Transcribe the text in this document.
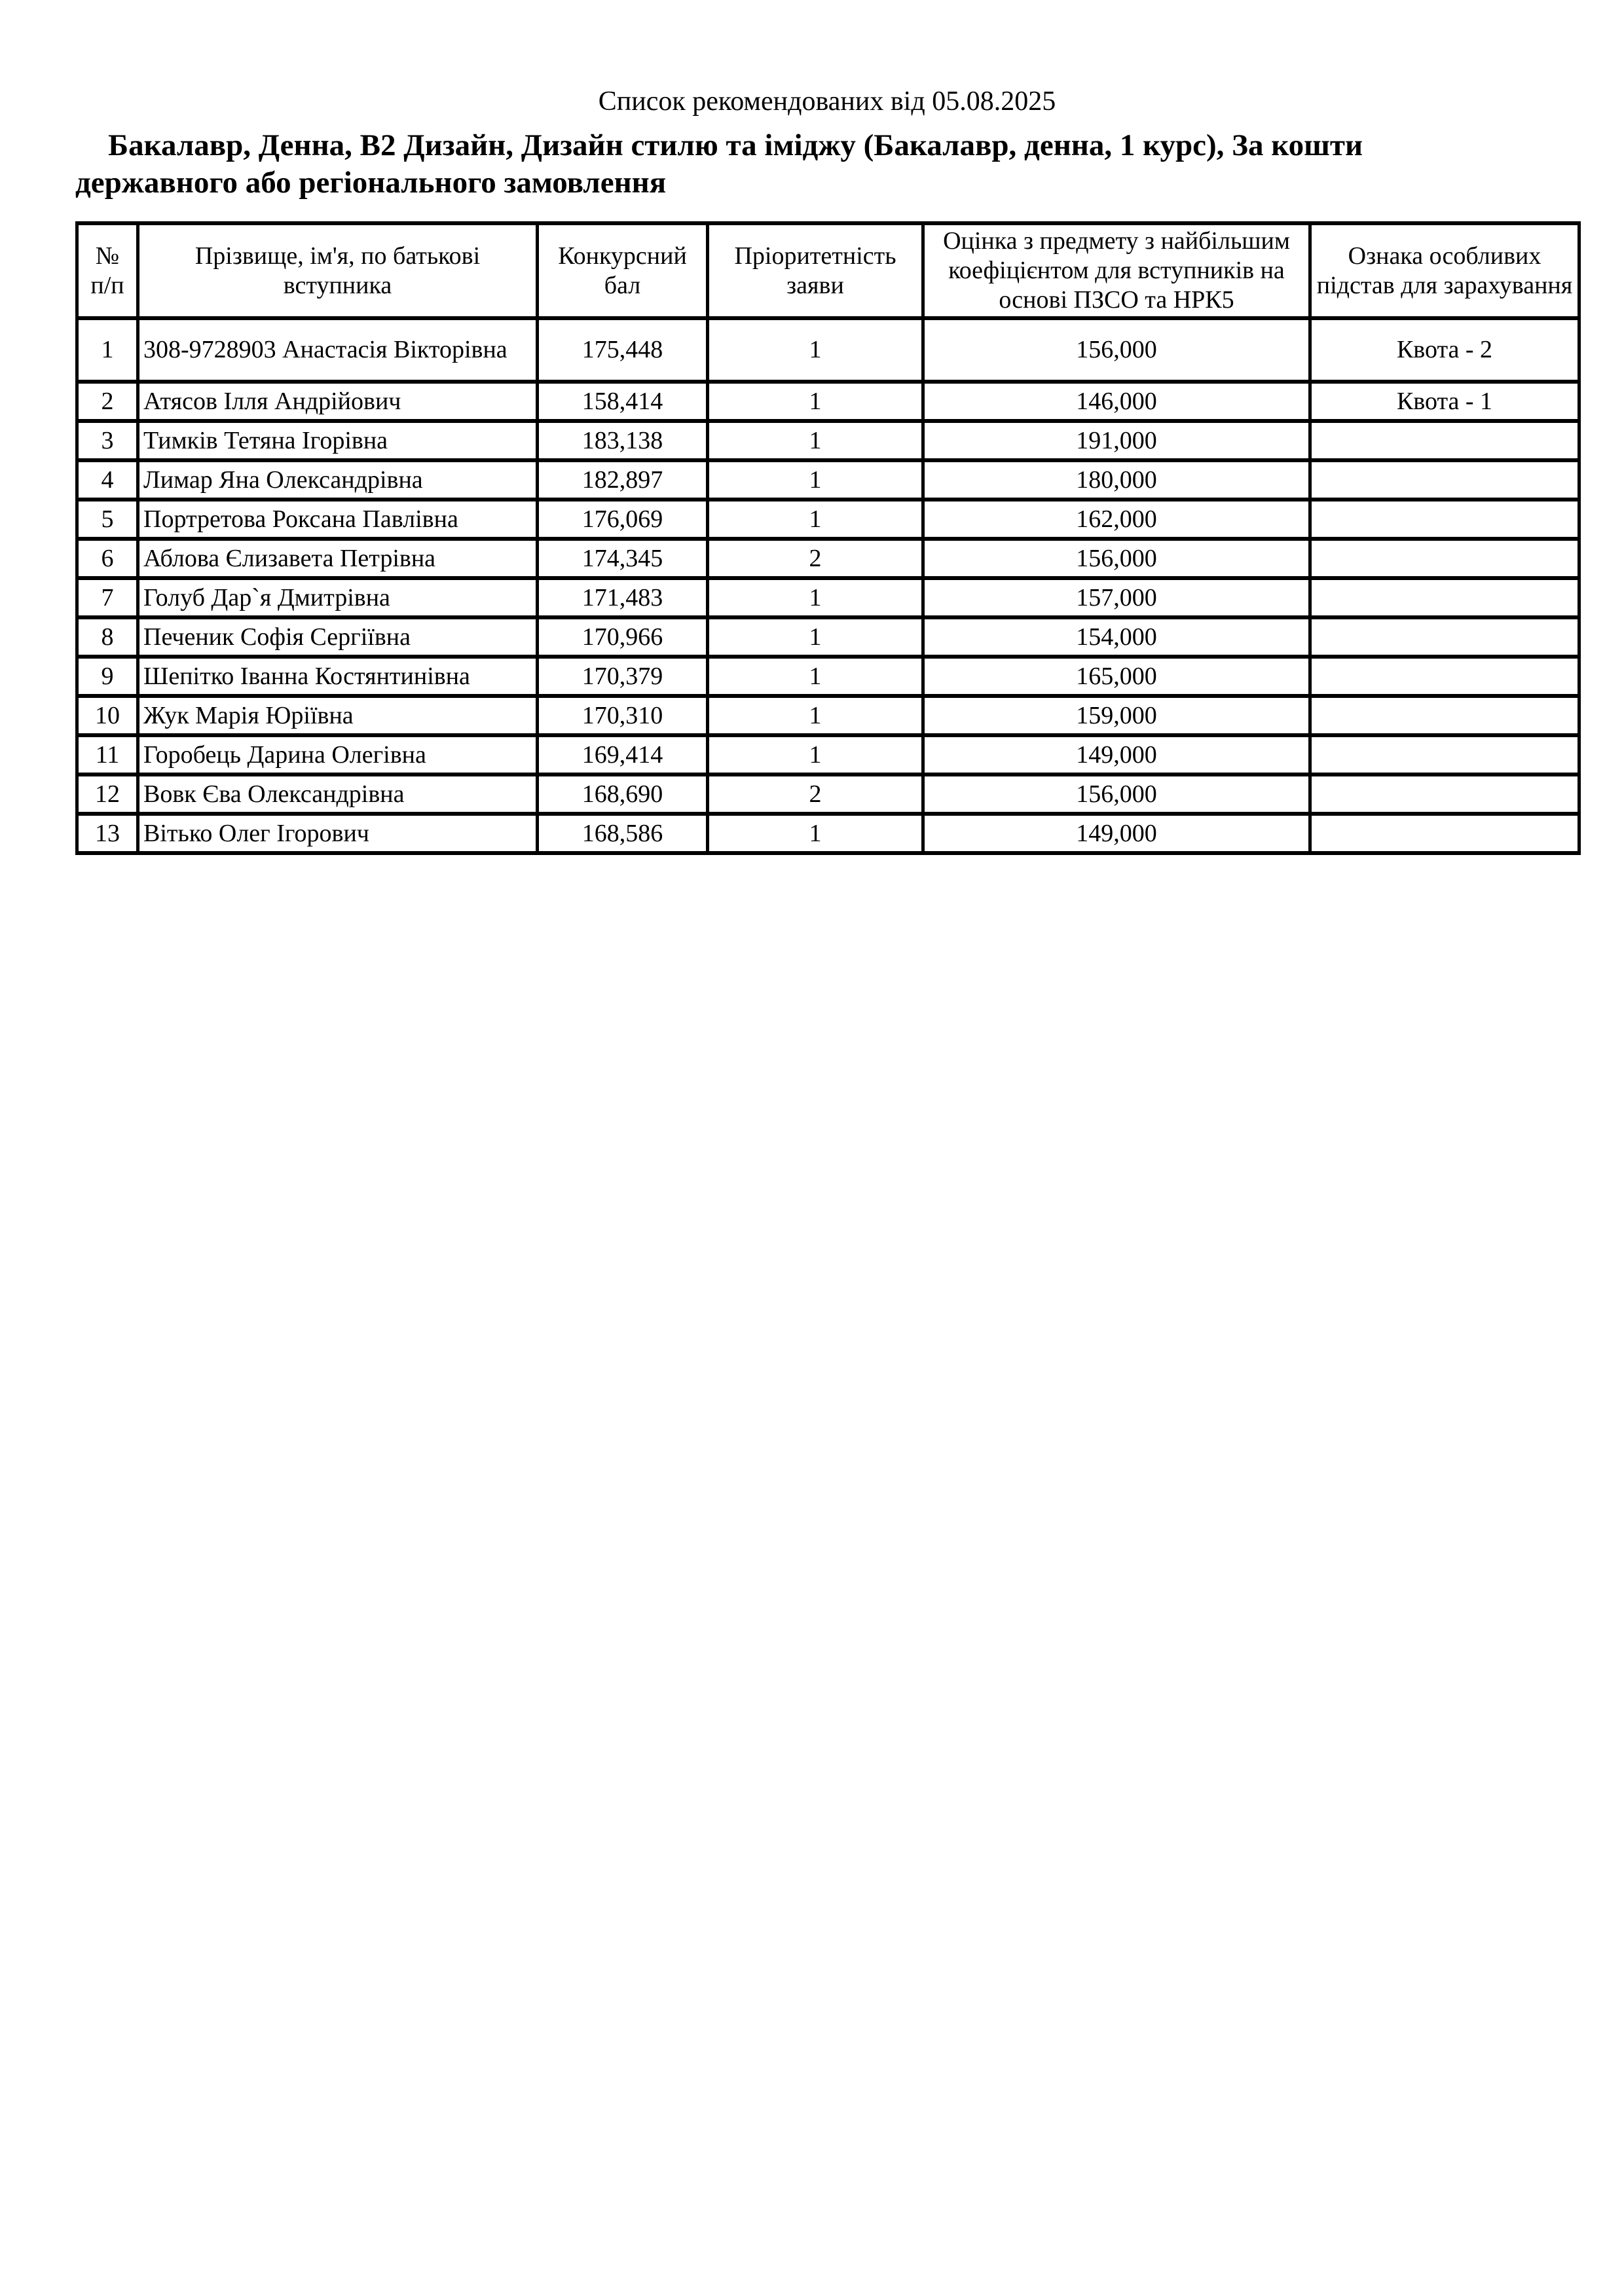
Список рекомендованих від 05.08.2025
Бакалавр, Денна, В2 Дизайн, Дизайн стилю та іміджу (Бакалавр, денна, 1 курс), За кошти
державного або регіонального замовлення
№ п/п	Прізвище, ім'я, по батькові вступника	Конкурсний бал	Пріоритетність заяви	Оцінка з предмету з найбільшим коефіцієнтом для вступників на основі ПЗСО та НРК5	Ознака особливих підстав для зарахування
1	308-9728903 Анастасія Вікторівна	175,448	1	156,000	Квота - 2
2	Атясов Ілля Андрійович	158,414	1	146,000	Квота - 1
3	Тимків Тетяна Ігорівна	183,138	1	191,000	
4	Лимар Яна Олександрівна	182,897	1	180,000	
5	Портретова Роксана Павлівна	176,069	1	162,000	
6	Аблова Єлизавета Петрівна	174,345	2	156,000	
7	Голуб Дар`я Дмитрівна	171,483	1	157,000	
8	Печеник Софія Сергіївна	170,966	1	154,000	
9	Шепітко Іванна Костянтинівна	170,379	1	165,000	
10	Жук Марія Юріївна	170,310	1	159,000	
11	Горобець Дарина Олегівна	169,414	1	149,000	
12	Вовк Єва Олександрівна	168,690	2	156,000	
13	Вітько Олег Ігорович	168,586	1	149,000	
